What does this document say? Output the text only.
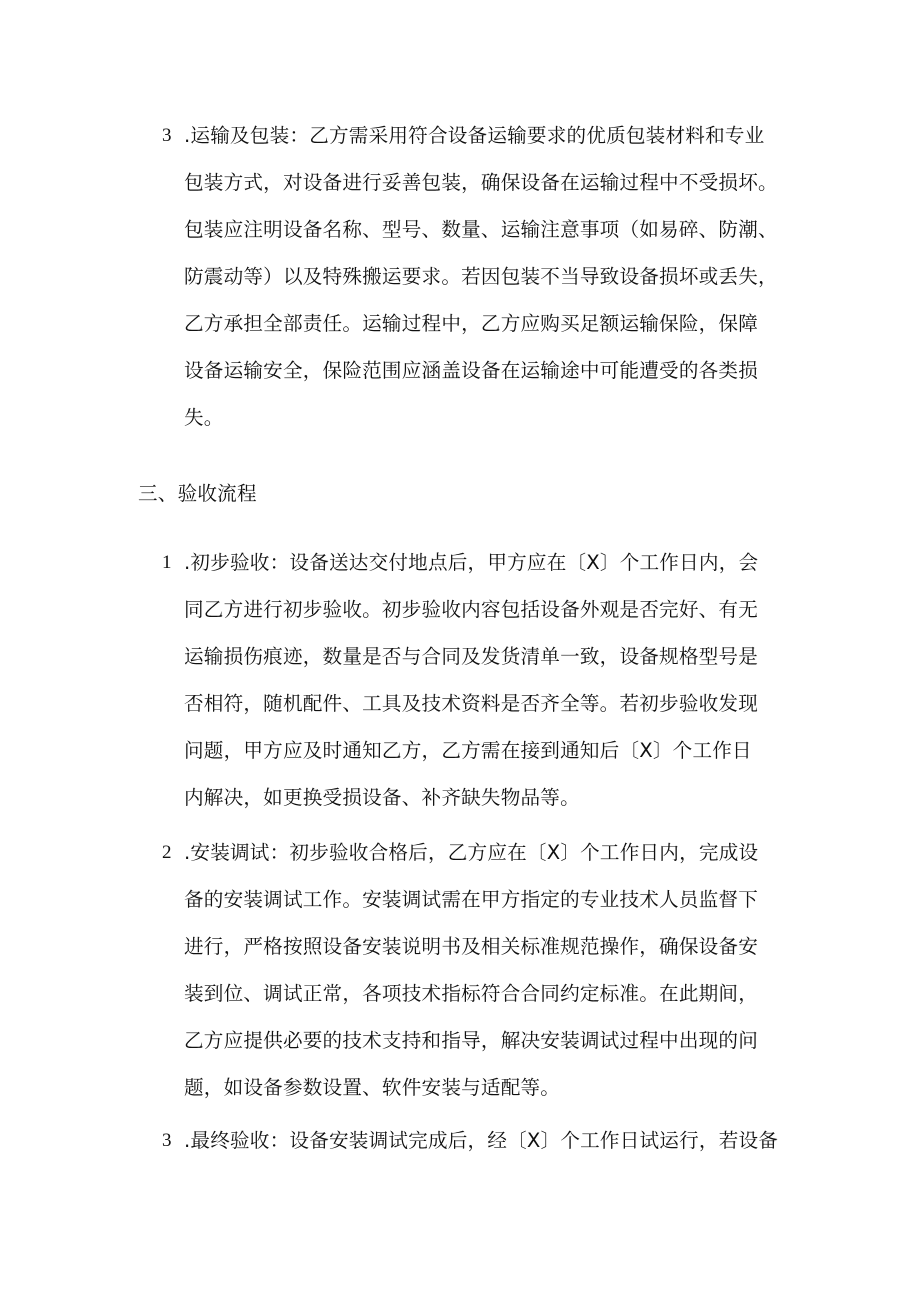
3 .运输及包装：乙方需采用符合设备运输要求的优质包装材料和专业
包装方式，对设备进行妥善包装，确保设备在运输过程中不受损坏。
包装应注明设备名称、型号、数量、运输注意事项（如易碎、防潮、
防震动等）以及特殊搬运要求。若因包装不当导致设备损坏或丢失，
乙方承担全部责任。运输过程中，乙方应购买足额运输保险，保障
设备运输安全，保险范围应涵盖设备在运输途中可能遭受的各类损
失。

三、验收流程
1 .初步验收：设备送达交付地点后，甲方应在〔X〕个工作日内，会
同乙方进行初步验收。初步验收内容包括设备外观是否完好、有无
运输损伤痕迹，数量是否与合同及发货清单一致，设备规格型号是
否相符，随机配件、工具及技术资料是否齐全等。若初步验收发现
问题，甲方应及时通知乙方，乙方需在接到通知后〔X〕个工作日
内解决，如更换受损设备、补齐缺失物品等。

2 .安装调试：初步验收合格后，乙方应在〔X〕个工作日内，完成设
备的安装调试工作。安装调试需在甲方指定的专业技术人员监督下
进行，严格按照设备安装说明书及相关标准规范操作，确保设备安
装到位、调试正常，各项技术指标符合合同约定标准。在此期间，
乙方应提供必要的技术支持和指导，解决安装调试过程中出现的问
题，如设备参数设置、软件安装与适配等。

3 .最终验收：设备安装调试完成后，经〔X〕个工作日试运行，若设备
